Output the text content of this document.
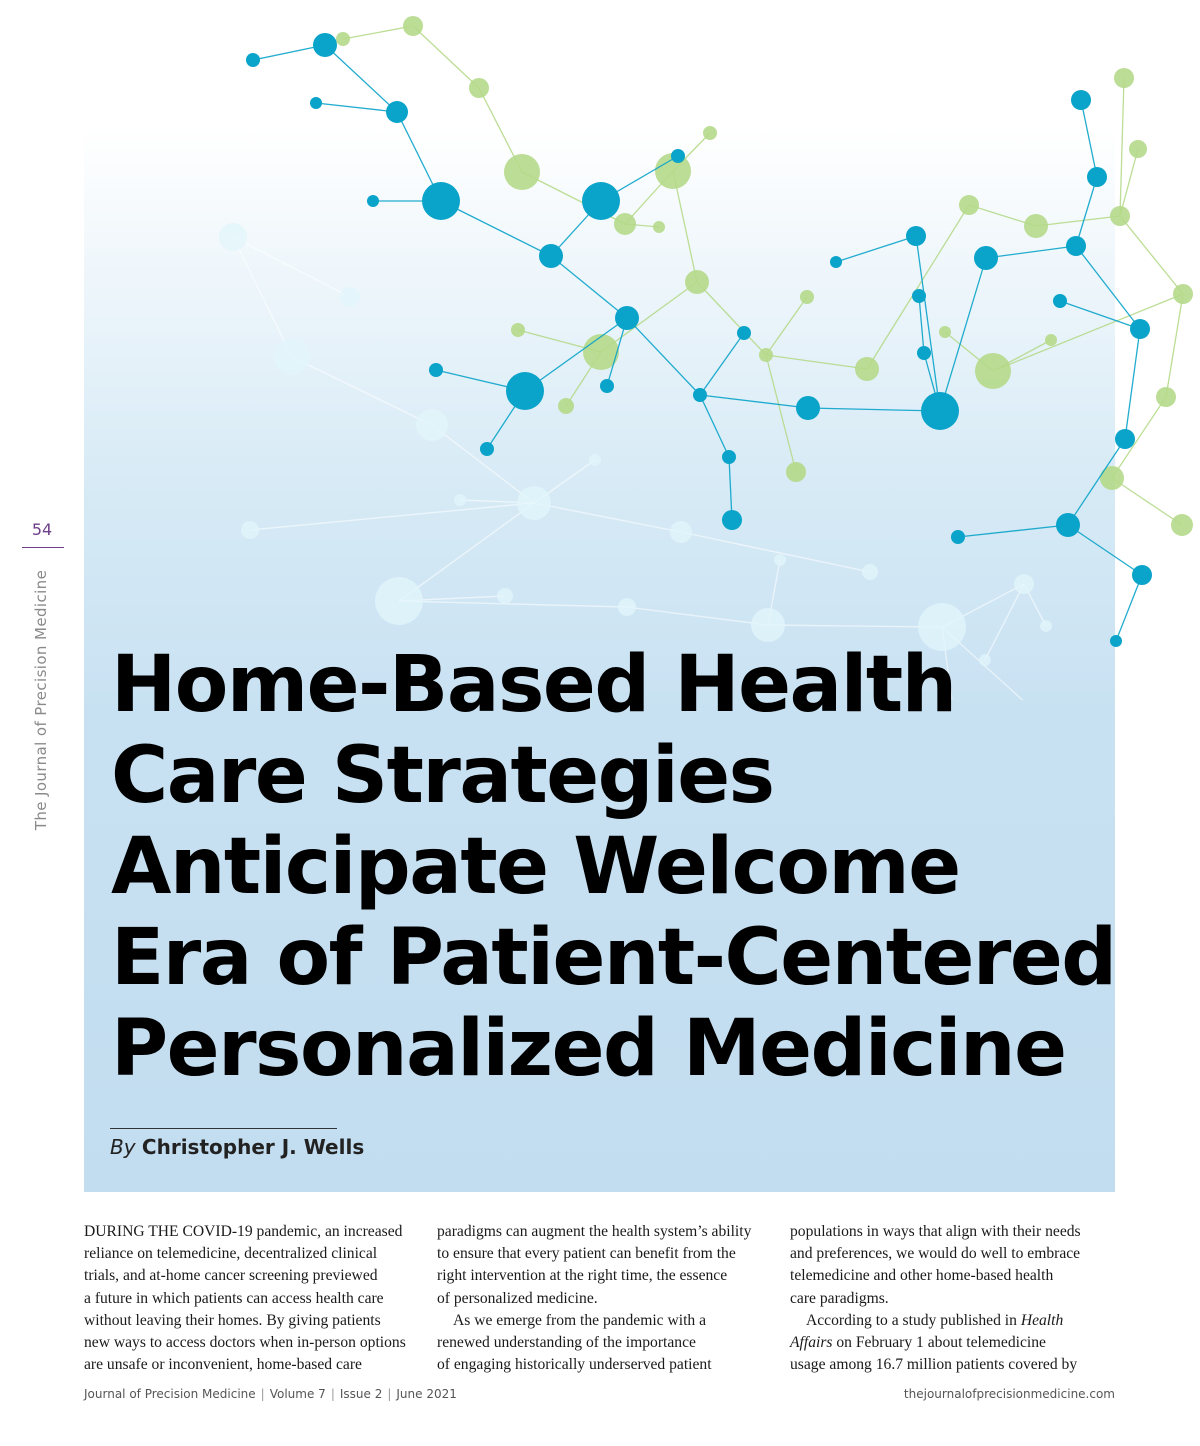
54
The Journal of Precision Medicine Home-Based Health
Care Strategies
Anticipate Welcome
Era of Patient-Centered
Personalized Medicine
By Christopher J. Wells
DURING THE COVID-19 pandemic, an increased
reliance on telemedicine, decentralized clinical
trials, and at-home cancer screening previewed
a future in which patients can access health care
without leaving their homes. By giving patients
new ways to access doctors when in-person options
are unsafe or inconvenient, home-based care
paradigms can augment the health system’s ability
to ensure that every patient can benefit from the
right intervention at the right time, the essence
of personalized medicine.
As we emerge from the pandemic with a
renewed understanding of the importance
of engaging historically underserved patient
populations in ways that align with their needs
and preferences, we would do well to embrace
telemedicine and other home-based health
care paradigms.
According to a study published in Health
Affairs on February 1 about telemedicine
usage among 16.7 million patients covered by
Journal of Precision Medicine | Volume 7 | Issue 2 | June 2021	thejournalofprecisionmedicine.com
